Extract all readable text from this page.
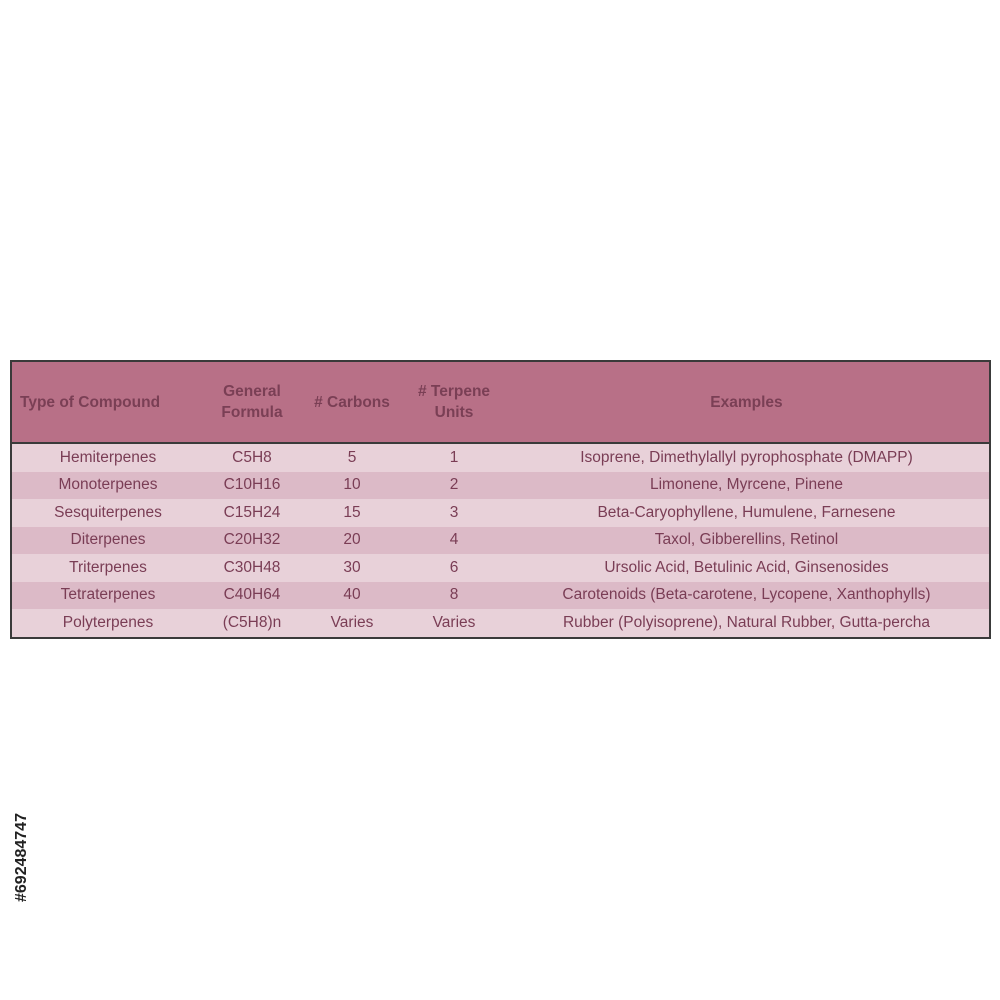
Type of Compound	General Formula	# Carbons	# Terpene Units	Examples
Hemiterpenes	C5H8	5	1	Isoprene, Dimethylallyl pyrophosphate (DMAPP)
Monoterpenes	C10H16	10	2	Limonene, Myrcene, Pinene
Sesquiterpenes	C15H24	15	3	Beta-Caryophyllene, Humulene, Farnesene
Diterpenes	C20H32	20	4	Taxol, Gibberellins, Retinol
Triterpenes	C30H48	30	6	Ursolic Acid, Betulinic Acid, Ginsenosides
Tetraterpenes	C40H64	40	8	Carotenoids (Beta-carotene, Lycopene, Xanthophylls)
Polyterpenes	(C5H8)n	Varies	Varies	Rubber (Polyisoprene), Natural Rubber, Gutta-percha
#692484747
